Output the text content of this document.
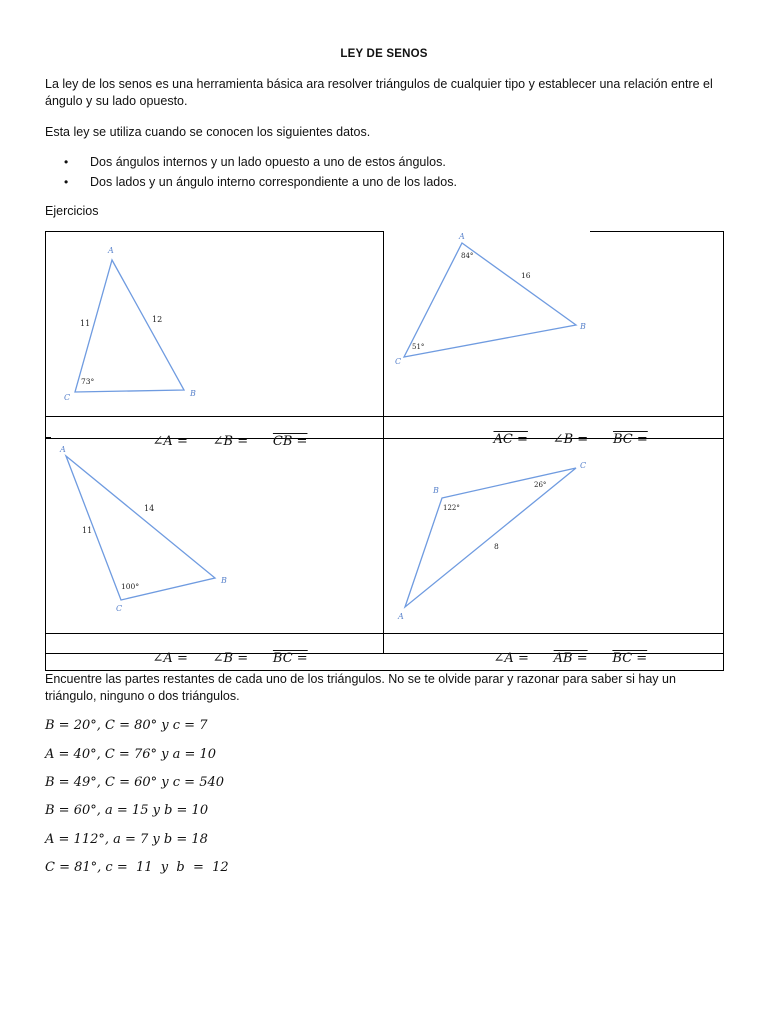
LEY DE SENOS
La ley de los senos es una herramienta básica ara resolver triángulos de cualquier tipo y establecer una relación entre el ángulo y su lado opuesto.
Esta ley se utiliza cuando se conocen los siguientes datos.
•	Dos ángulos internos y un lado opuesto a uno de estos ángulos.
•	Dos lados y un ángulo interno correspondiente a uno de los lados.
Ejercicios
A
B
C
11	12
73°
A
B
C
16
84°
51°

∠A = ∠B = CB =
	AC = ∠B = BC =

A
B
C
14
11
100°
B
C
A
8
122°
26°

∠A = ∠B = BC =
	∠A = AB = BC =

Encuentre las partes restantes de cada uno de los triángulos. No se te olvide parar y razonar para saber si hay un triángulo, ninguno o dos triángulos.
B = 20°, C = 80° y c = 7
A = 40°, C = 76° y a = 10
B = 49°, C = 60° y c = 540
B = 60°, a = 15 y b = 10
A = 112°, a = 7 y b = 18
C = 81°, c =  11  y  b  =  12
